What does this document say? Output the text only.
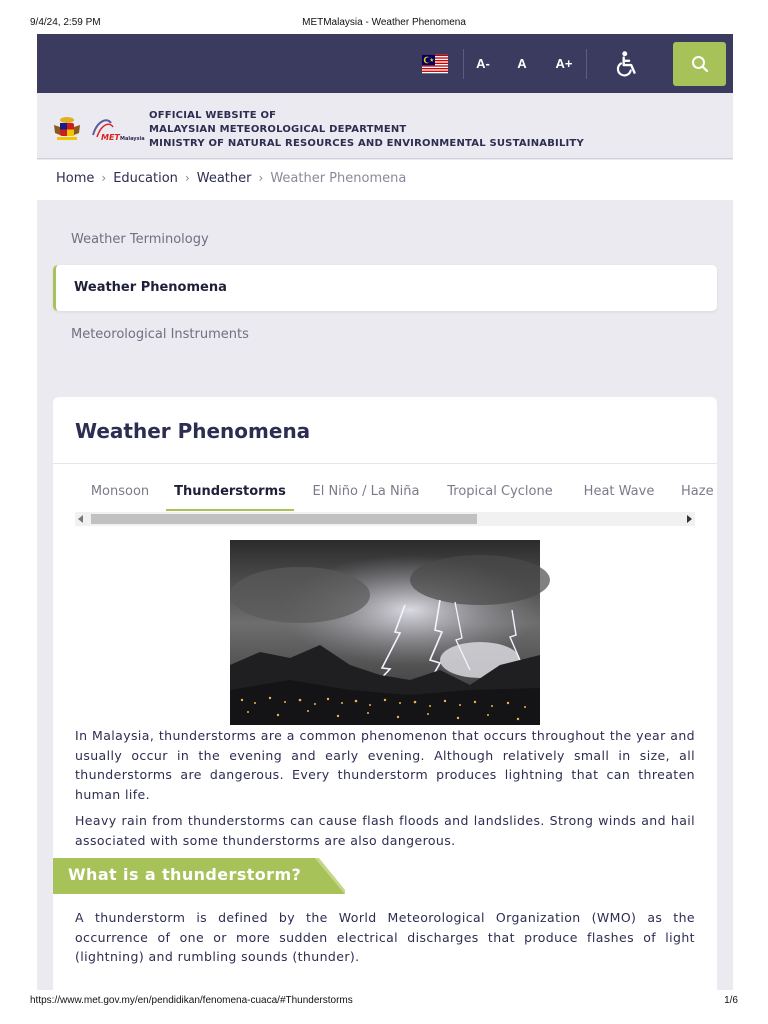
9/4/24, 2:59 PM	METMalaysia - Weather Phenomena
A-	A	A+
MET Malaysia
OFFICIAL WEBSITE OF
MALAYSIAN METEOROLOGICAL DEPARTMENT
MINISTRY OF NATURAL RESOURCES AND ENVIRONMENTAL SUSTAINABILITY
Home › Education › Weather › Weather Phenomena
Weather Terminology
Weather Phenomena
Meteorological Instruments
Weather Phenomena
Monsoon	Thunderstorms	El Niño / La Niña	Tropical Cyclone	Heat Wave	Haze

In Malaysia, thunderstorms are a common phenomenon that occurs throughout the year and usually occur in the evening and early evening. Although relatively small in size, all thunderstorms are dangerous. Every thunderstorm produces lightning that can threaten human life.

Heavy rain from thunderstorms can cause flash floods and landslides. Strong winds and hail associated with some thunderstorms are also dangerous.

What is a thunderstorm?

A thunderstorm is defined by the World Meteorological Organization (WMO) as the occurrence of one or more sudden electrical discharges that produce flashes of light (lightning) and rumbling sounds (thunder).

https://www.met.gov.my/en/pendidikan/fenomena-cuaca/#Thunderstorms	1/6
